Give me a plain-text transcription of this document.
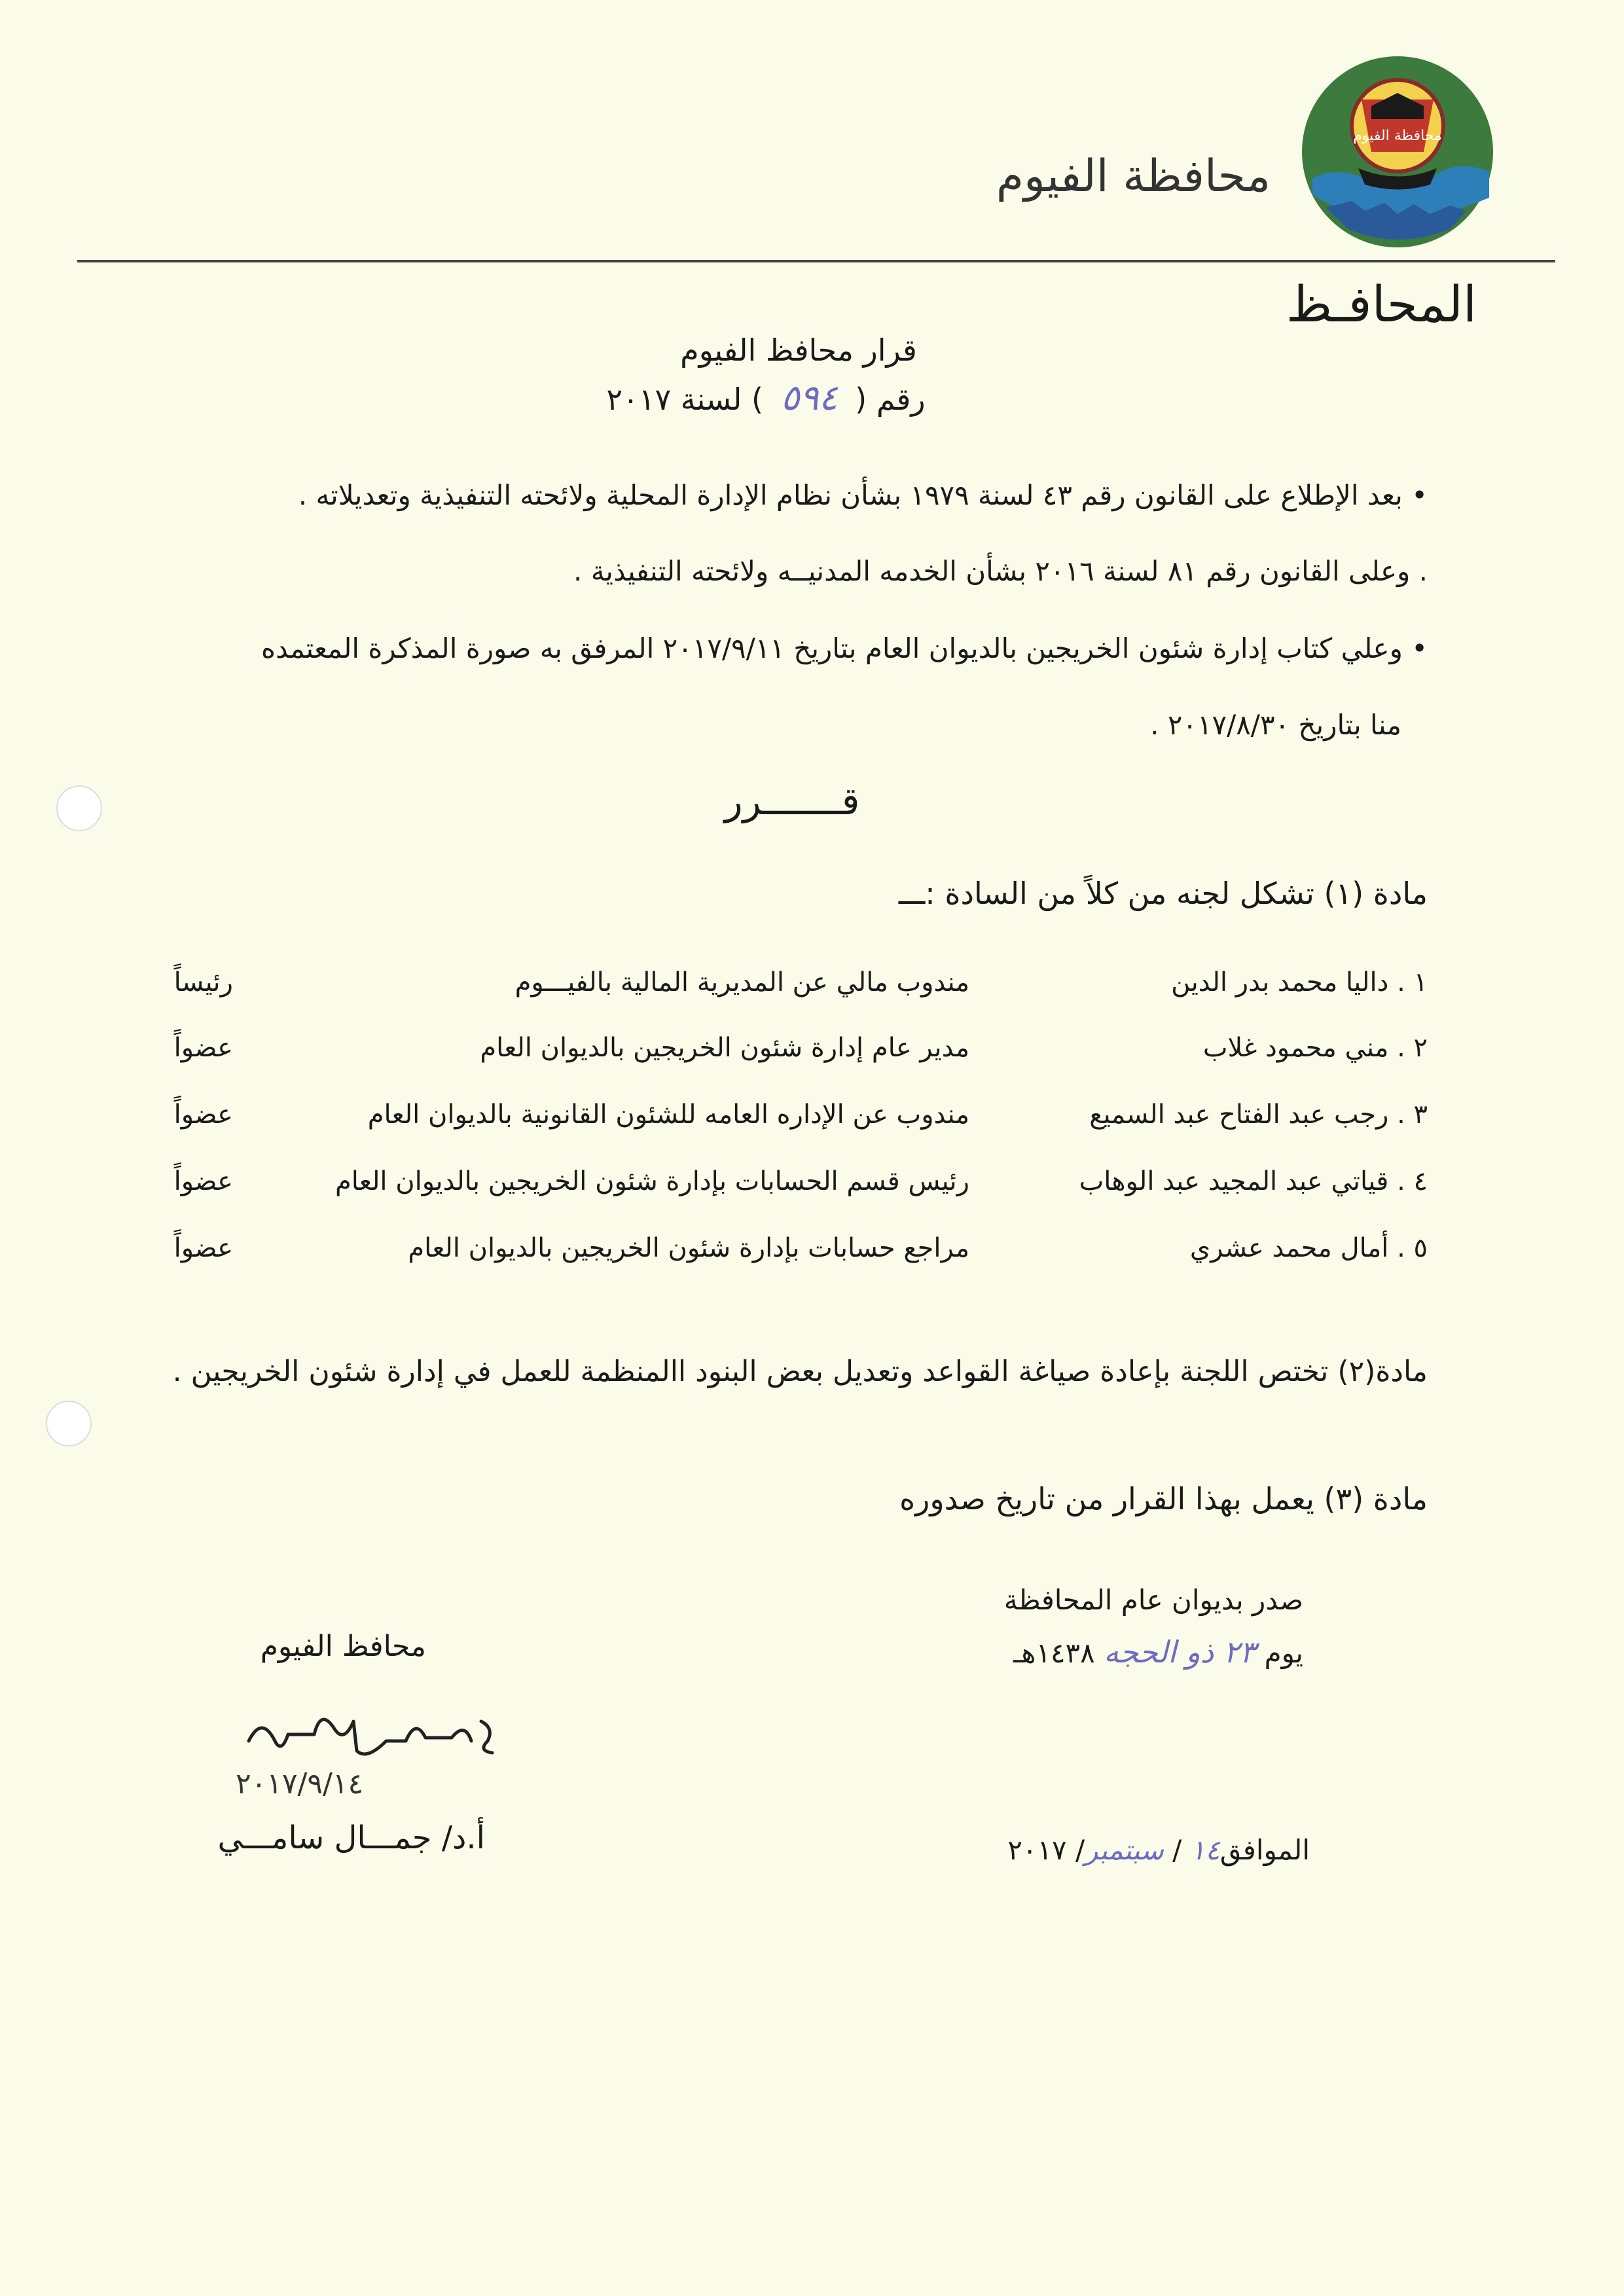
محافظة الفيوم
محافظة الفيوم
المحافـظ
قرار محافظ الفيوم
رقم ( ٥٩٤ ) لسنة ٢٠١٧
• بعد الإطلاع على القانون رقم ٤٣ لسنة ١٩٧٩ بشأن نظام الإدارة المحلية ولائحته التنفيذية وتعديلاته .
. وعلى القانون رقم ٨١ لسنة ٢٠١٦ بشأن الخدمه المدنيــه ولائحته التنفيذية .
• وعلي كتاب إدارة شئون الخريجين بالديوان العام بتاريخ ٢٠١٧/٩/١١ المرفق به صورة المذكرة المعتمده
منا بتاريخ ٢٠١٧/٨/٣٠ .
قـــــــرر
مادة (١) تشكل لجنه من كلاً من السادة :ـــ
١ . داليا محمد بدر الدين
مندوب مالي عن المديرية المالية بالفيـــوم
رئيساً
٢ . مني محمود غلاب
مدير عام إدارة شئون الخريجين بالديوان العام
عضواً
٣ . رجب عبد الفتاح عبد السميع
مندوب عن الإداره العامه للشئون القانونية بالديوان العام
عضواً
٤ . قياتي عبد المجيد عبد الوهاب
رئيس قسم الحسابات بإدارة شئون الخريجين بالديوان العام
عضواً
٥ . أمال محمد عشري
مراجع حسابات بإدارة شئون الخريجين بالديوان العام
عضواً
مادة(٢) تختص اللجنة بإعادة صياغة القواعد وتعديل بعض البنود االمنظمة للعمل في إدارة شئون الخريجين .
مادة (٣) يعمل بهذا القرار من تاريخ صدوره
صدر بديوان عام المحافظة
يوم ٢٣ ذو الحجه ١٤٣٨هـ
الموافق١٤ / سبتمبر/ ٢٠١٧
محافظ الفيوم
٢٠١٧/٩/١٤
أ.د/ جمـــال سامـــي
